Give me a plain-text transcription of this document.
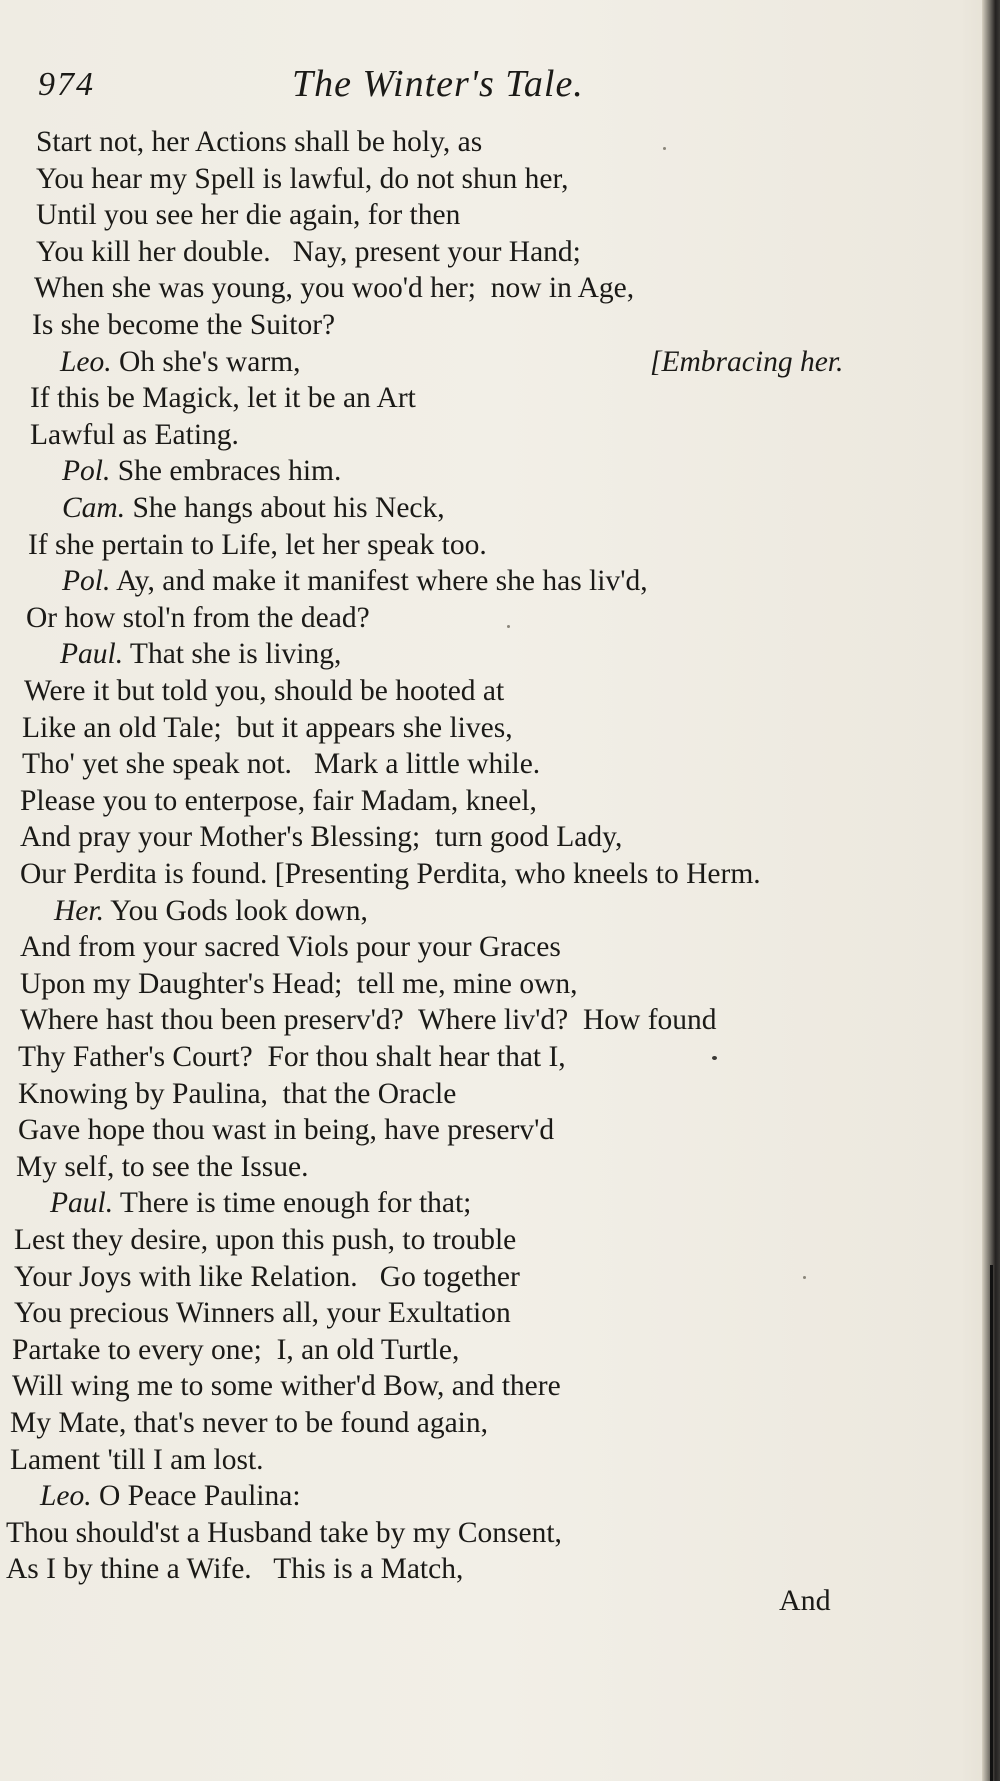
974	The Winter's Tale.
Start not, her Actions shall be holy, as
You hear my Spell is lawful, do not shun her,
Until you see her die again, for then
You kill her double.   Nay, present your Hand;
When she was young, you woo'd her;  now in Age,
Is she become the Suitor?
Leo. Oh she's warm,	[Embracing her.
If this be Magick, let it be an Art
Lawful as Eating.
Pol. She embraces him.
Cam. She hangs about his Neck,
If she pertain to Life, let her speak too.
Pol. Ay, and make it manifest where she has liv'd,
Or how stol'n from the dead?
Paul. That she is living,
Were it but told you, should be hooted at
Like an old Tale;  but it appears she lives,
Tho' yet she speak not.   Mark a little while.
Please you to enterpose, fair Madam, kneel,
And pray your Mother's Blessing;  turn good Lady,
Our Perdita is found. [Presenting Perdita, who kneels to Herm.
Her. You Gods look down,
And from your sacred Viols pour your Graces
Upon my Daughter's Head;  tell me, mine own,
Where hast thou been preserv'd?  Where liv'd?  How found
Thy Father's Court?  For thou shalt hear that I,
Knowing by Paulina,  that the Oracle
Gave hope thou wast in being, have preserv'd
My self, to see the Issue.
Paul. There is time enough for that;
Lest they desire, upon this push, to trouble
Your Joys with like Relation.   Go together
You precious Winners all, your Exultation
Partake to every one;  I, an old Turtle,
Will wing me to some wither'd Bow, and there
My Mate, that's never to be found again,
Lament 'till I am lost.
Leo. O Peace Paulina:
Thou should'st a Husband take by my Consent,
As I by thine a Wife.   This is a Match,
And
